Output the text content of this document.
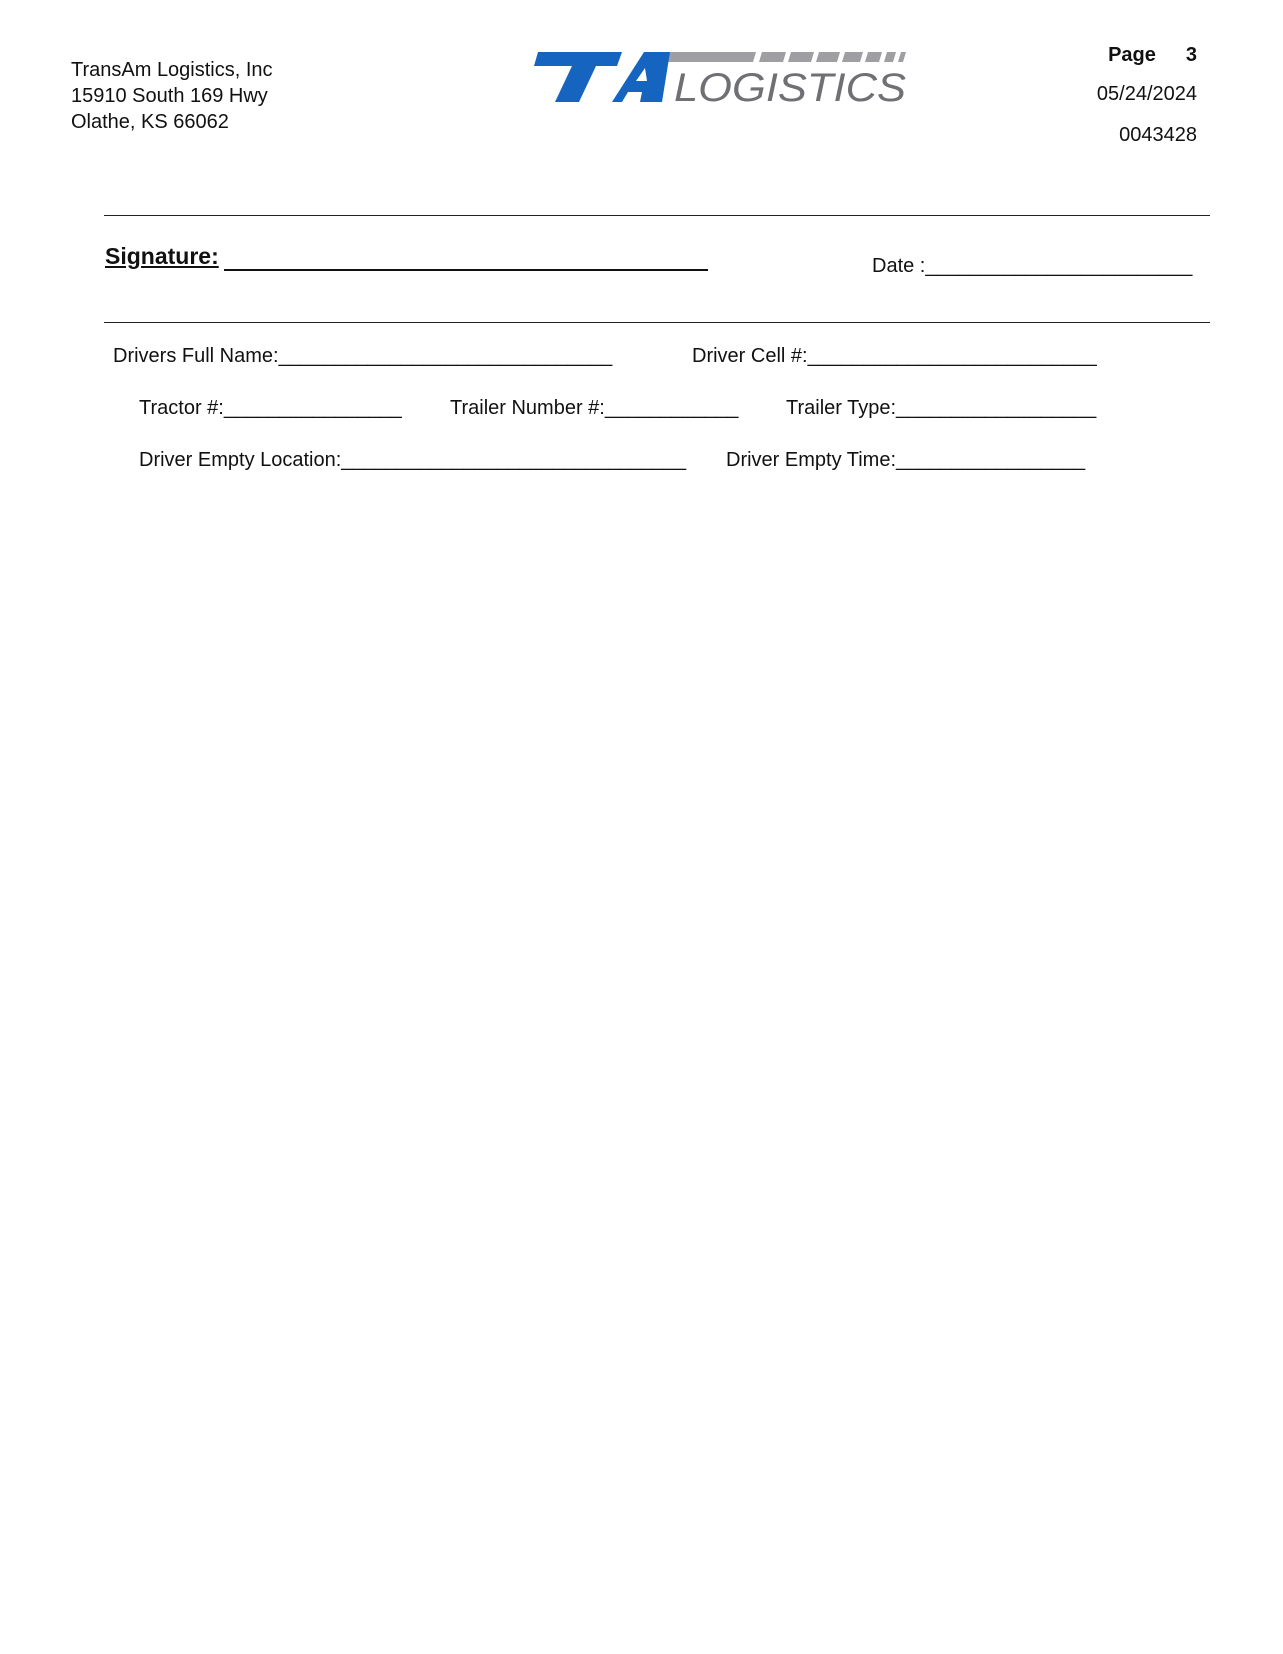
TransAm Logistics, Inc
15910 South 169 Hwy
Olathe, KS 66062
LOGISTICS
Page 3
05/24/2024
0043428
Signature:	Date :________________________
Drivers Full Name:______________________________	Driver Cell #:__________________________
Tractor #:________________ Trailer Number #:____________ Trailer Type:__________________
Driver Empty Location:_______________________________ Driver Empty Time:_________________
